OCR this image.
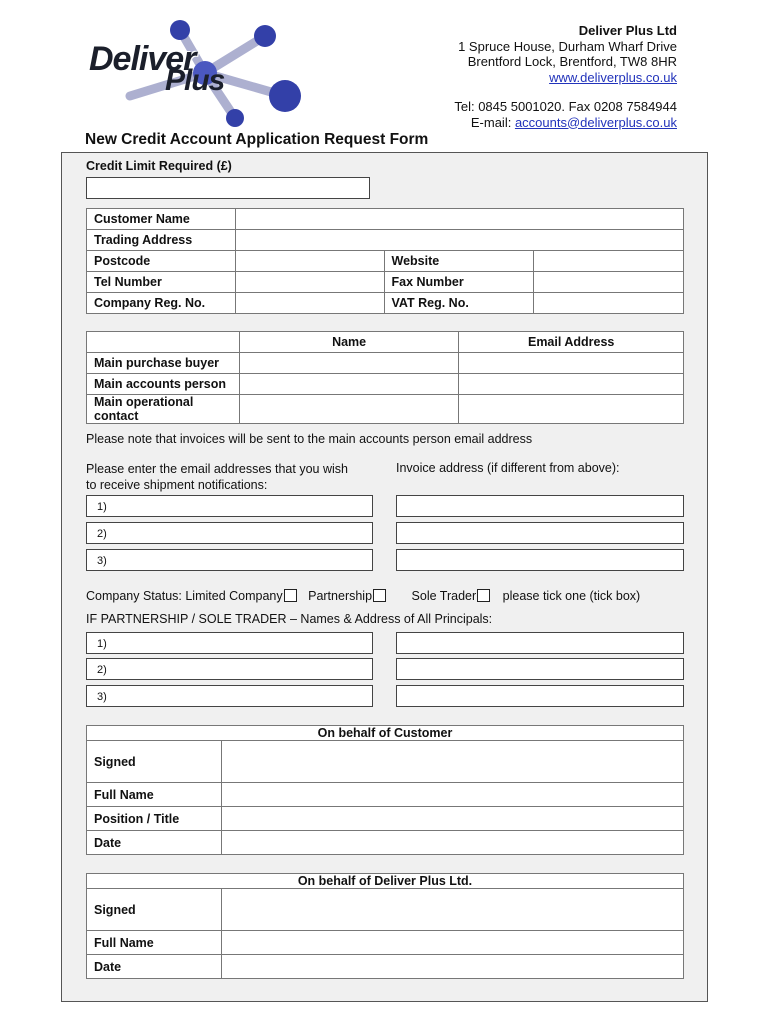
Deliver
Plus
Deliver Plus Ltd
1 Spruce House, Durham Wharf Drive
Brentford Lock, Brentford, TW8 8HR
www.deliverplus.co.uk
Tel: 0845 5001020. Fax 0208 7584944
E-mail: accounts@deliverplus.co.uk
New Credit Account Application Request Form
Credit Limit Required (£)
Customer Name			
Trading Address			
Postcode		Website	
Tel Number		Fax Number	
Company Reg. No.		VAT Reg. No.	
	Name	Email Address
Main purchase buyer		
Main accounts person		
Main operational
contact		
Please note that invoices will be sent to the main accounts person email address
Please enter the email addresses that you wish
to receive shipment notifications:
Invoice address (if different from above):
1)
2)
3)
Company Status: Limited Company Partnership	Sole Trader please tick one (tick box)
IF PARTNERSHIP / SOLE TRADER – Names & Address of All Principals:
1)
2)
3)
On behalf of Customer	
Signed	
Full Name	
Position / Title	
Date	
On behalf of Deliver Plus Ltd.	
Signed	
Full Name	
Date	
